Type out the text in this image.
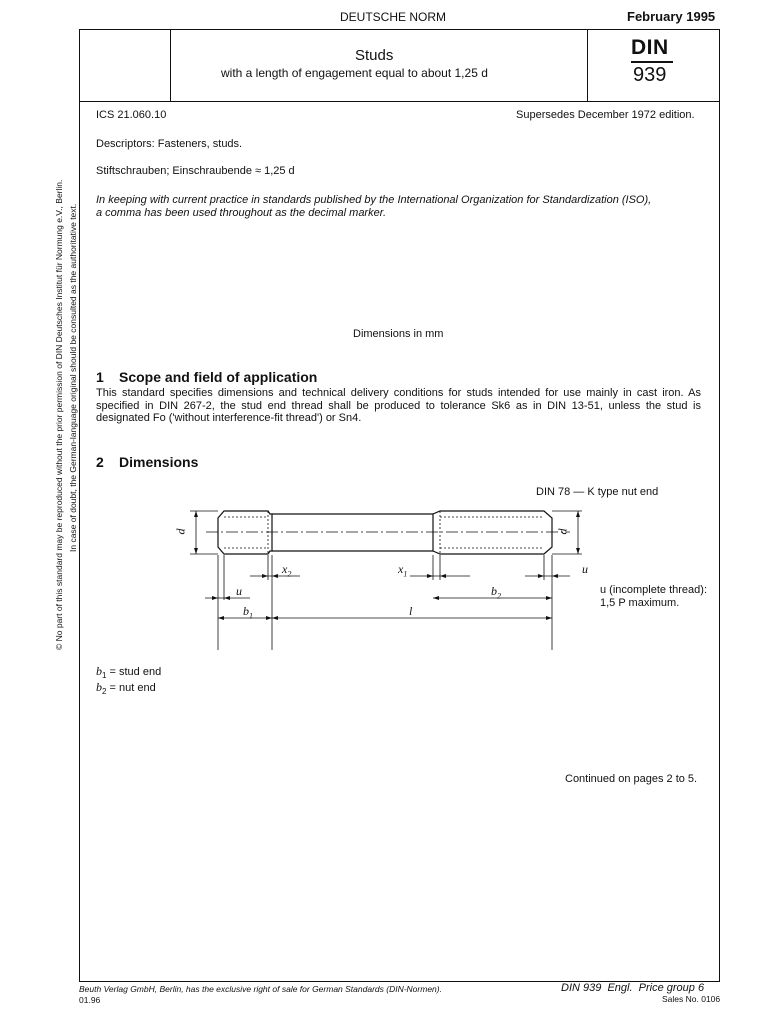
DEUTSCHE NORM	February 1995
Studs
with a length of engagement equal to about 1,25 d
DIN
939
ICS 21.060.10	Supersedes December 1972 edition.
Descriptors: Fasteners, studs.
Stiftschrauben; Einschraubende ≈ 1,25 d
In keeping with current practice in standards published by the International Organization for Standardization (ISO),
a comma has been used throughout as the decimal marker.
Dimensions in mm
1 Scope and field of application
This standard specifies dimensions and technical delivery conditions for studs intended for use mainly in cast iron. As specified in DIN 267-2, the stud end thread shall be produced to tolerance Sk6 as in DIN 13-51, unless the stud is designated Fo ('without interference-fit thread') or Sn4.
2 Dimensions
DIN 78 — K type nut end
d	d
$x_2$	$x_1$	u
u	$b_2$
$b_1$	l
u (incomplete thread):
1,5 P maximum.
$b_1$ = stud end
$b_2$ = nut end
Continued on pages 2 to 5.
© No part of this standard may be reproduced without the prior permission of DIN Deutsches Institut für Normung e.V., Berlin. In case of doubt, the German-language original should be consulted as the authoritative text.
Beuth Verlag GmbH, Berlin, has the exclusive right of sale for German Standards (DIN-Normen).
01.96
DIN 939  Engl.  Price group 6
Sales No. 0106
